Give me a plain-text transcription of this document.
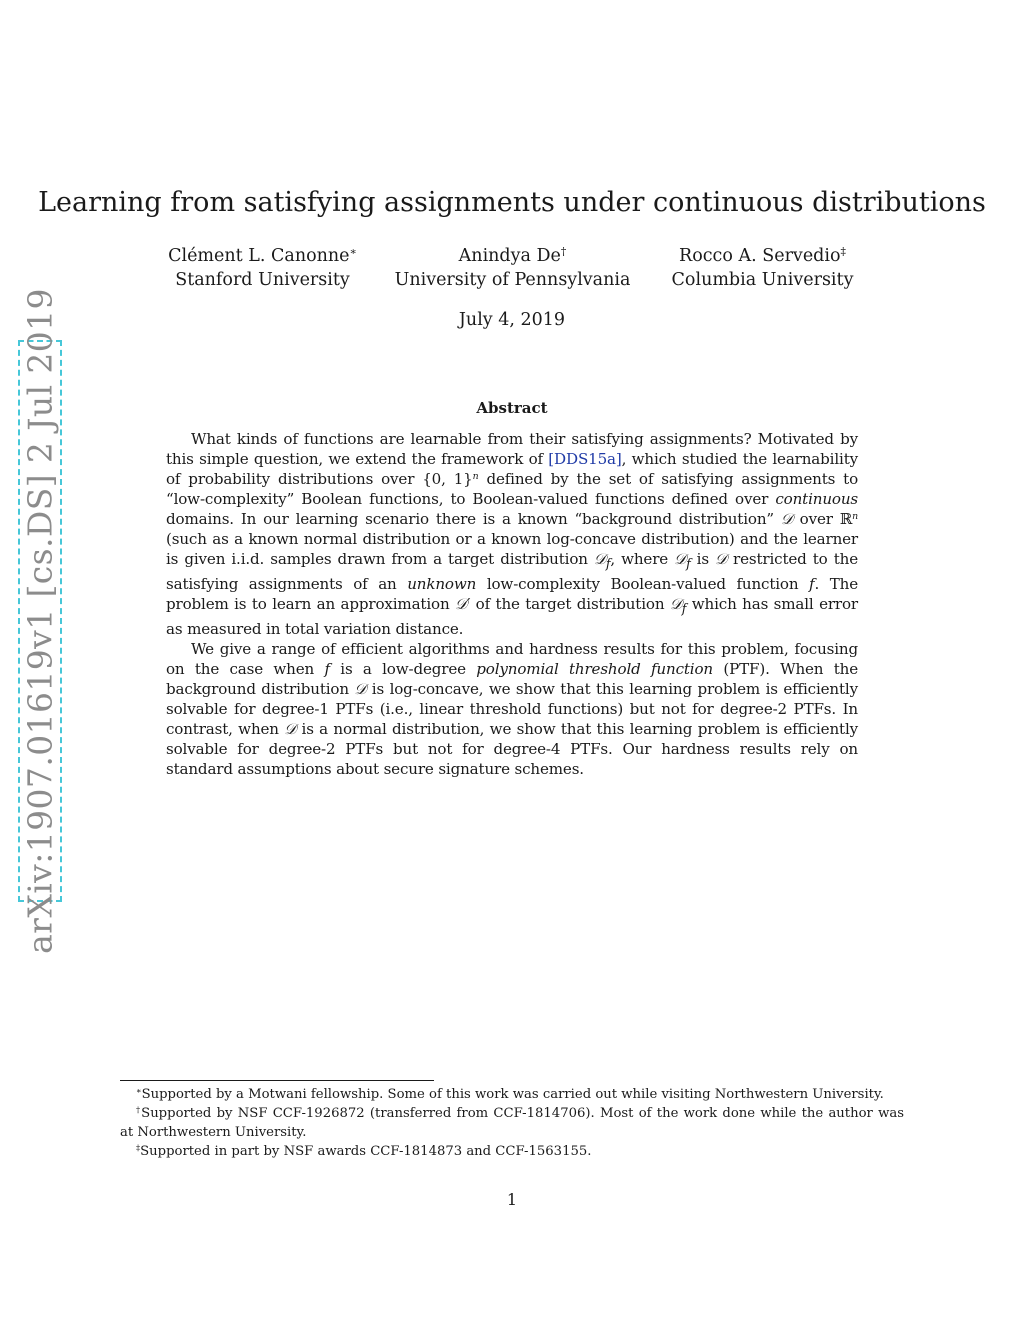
arXiv:1907.01619v1 [cs.DS] 2 Jul 2019
Learning from satisfying assignments under continuous distributions
Clément L. Canonne∗
Stanford University
Anindya De†
University of Pennsylvania
Rocco A. Servedio‡
Columbia University
July 4, 2019
Abstract

What kinds of functions are learnable from their satisfying assignments? Motivated by this simple question, we extend the framework of [DDS15a], which studied the learnability of probability distributions over {0, 1}$^n$ defined by the set of satisfying assignments to “low-complexity” Boolean functions, to Boolean-valued functions defined over continuous domains. In our learning scenario there is a known “background distribution” 𝒟 over ℝ$^n$ (such as a known normal distribution or a known log-concave distribution) and the learner is given i.i.d. samples drawn from a target distribution 𝒟$_f$, where 𝒟$_f$ is 𝒟 restricted to the satisfying assignments of an unknown low-complexity Boolean-valued function f. The problem is to learn an approximation 𝒟′ of the target distribution 𝒟$_f$ which has small error as measured in total variation distance.

We give a range of efficient algorithms and hardness results for this problem, focusing on the case when f is a low-degree polynomial threshold function (PTF). When the background distribution 𝒟 is log-concave, we show that this learning problem is efficiently solvable for degree-1 PTFs (i.e., linear threshold functions) but not for degree-2 PTFs. In contrast, when 𝒟 is a normal distribution, we show that this learning problem is efficiently solvable for degree-2 PTFs but not for degree-4 PTFs. Our hardness results rely on standard assumptions about secure signature schemes.

∗Supported by a Motwani fellowship. Some of this work was carried out while visiting Northwestern University.

†Supported by NSF CCF-1926872 (transferred from CCF-1814706). Most of the work done while the author was at Northwestern University.

‡Supported in part by NSF awards CCF-1814873 and CCF-1563155.

1
